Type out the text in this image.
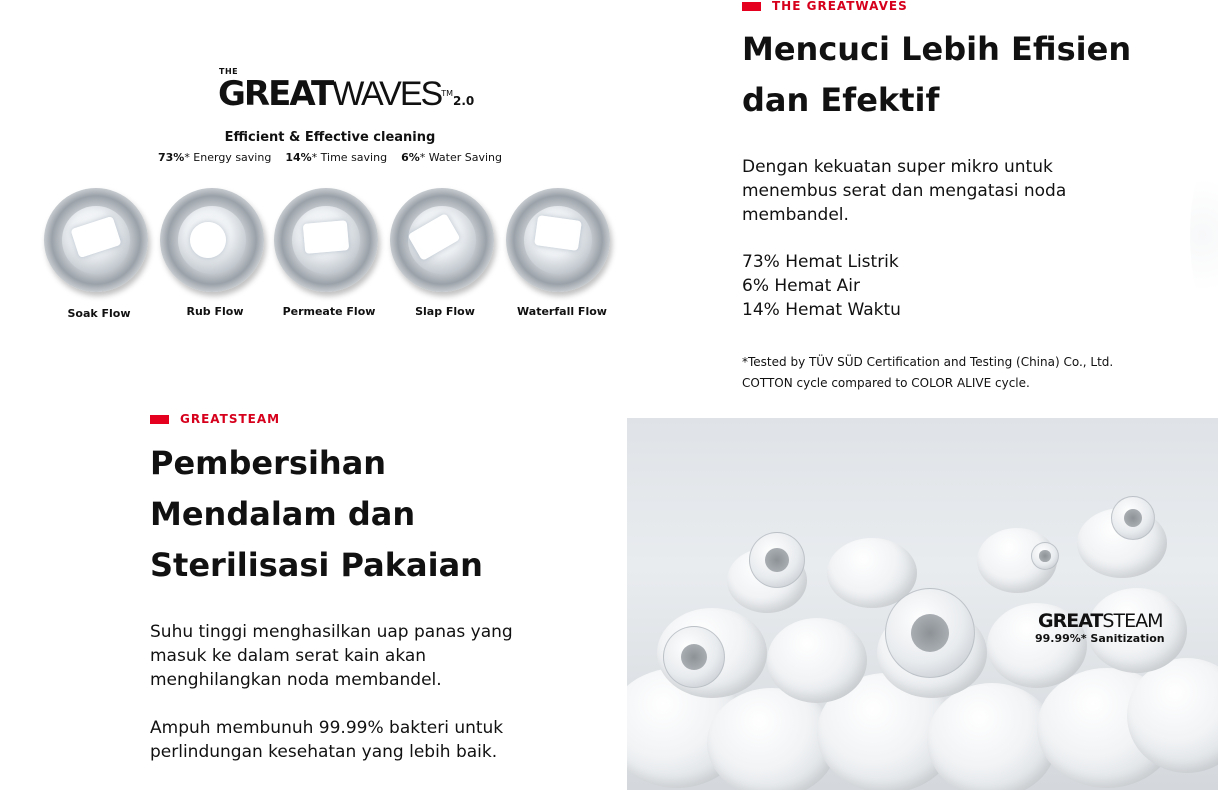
THE
GREATWAVES™2.0
Efficient & Effective cleaning
73%* Energy saving 14%* Time saving 6%* Water Saving
Soak Flow	Rub Flow	Permeate Flow	Slap Flow	Waterfall Flow
THE GREATWAVES
Mencuci Lebih Efisien
dan Efektif
Dengan kekuatan super mikro untuk
menembus serat dan mengatasi noda
membandel.
73% Hemat Listrik
6% Hemat Air
14% Hemat Waktu
*Tested by TÜV SÜD Certification and Testing (China) Co., Ltd.
COTTON cycle compared to COLOR ALIVE cycle.
GREATSTEAM
Pembersihan
Mendalam dan
Sterilisasi Pakaian
Suhu tinggi menghasilkan uap panas yang
masuk ke dalam serat kain akan
menghilangkan noda membandel.
Ampuh membunuh 99.99% bakteri untuk
perlindungan kesehatan yang lebih baik.
GREATSTEAM
99.99%* Sanitization
